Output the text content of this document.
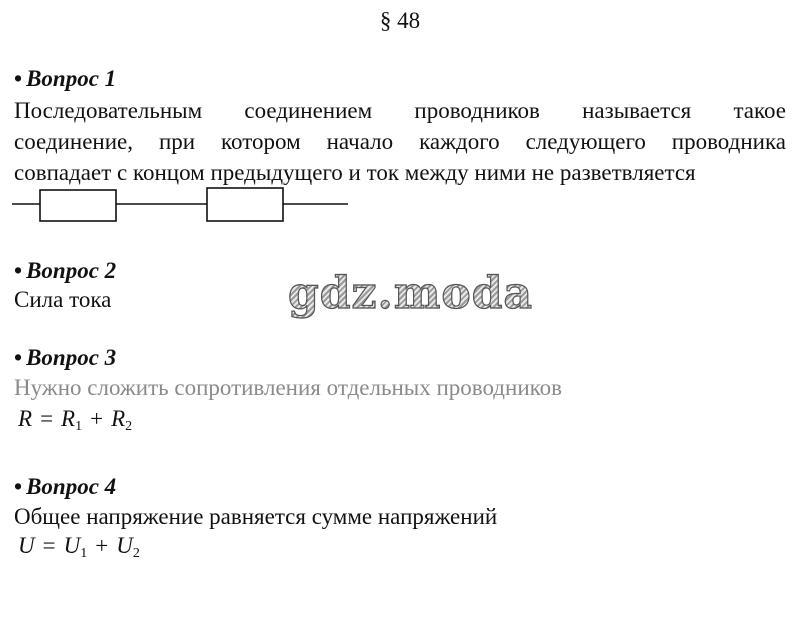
§ 48
• Вопрос 1
Последовательным соединением проводников называется такое
соединение, при котором начало каждого следующего проводника
совпадает с концом предыдущего и ток между ними не разветвляется
• Вопрос 2
Сила тока
• Вопрос 3
Нужно сложить сопротивления отдельных проводников
$R = R_1 + R_2$
• Вопрос 4
Общее напряжение равняется сумме напряжений
$U = U_1 + U_2$
gdz.moda
